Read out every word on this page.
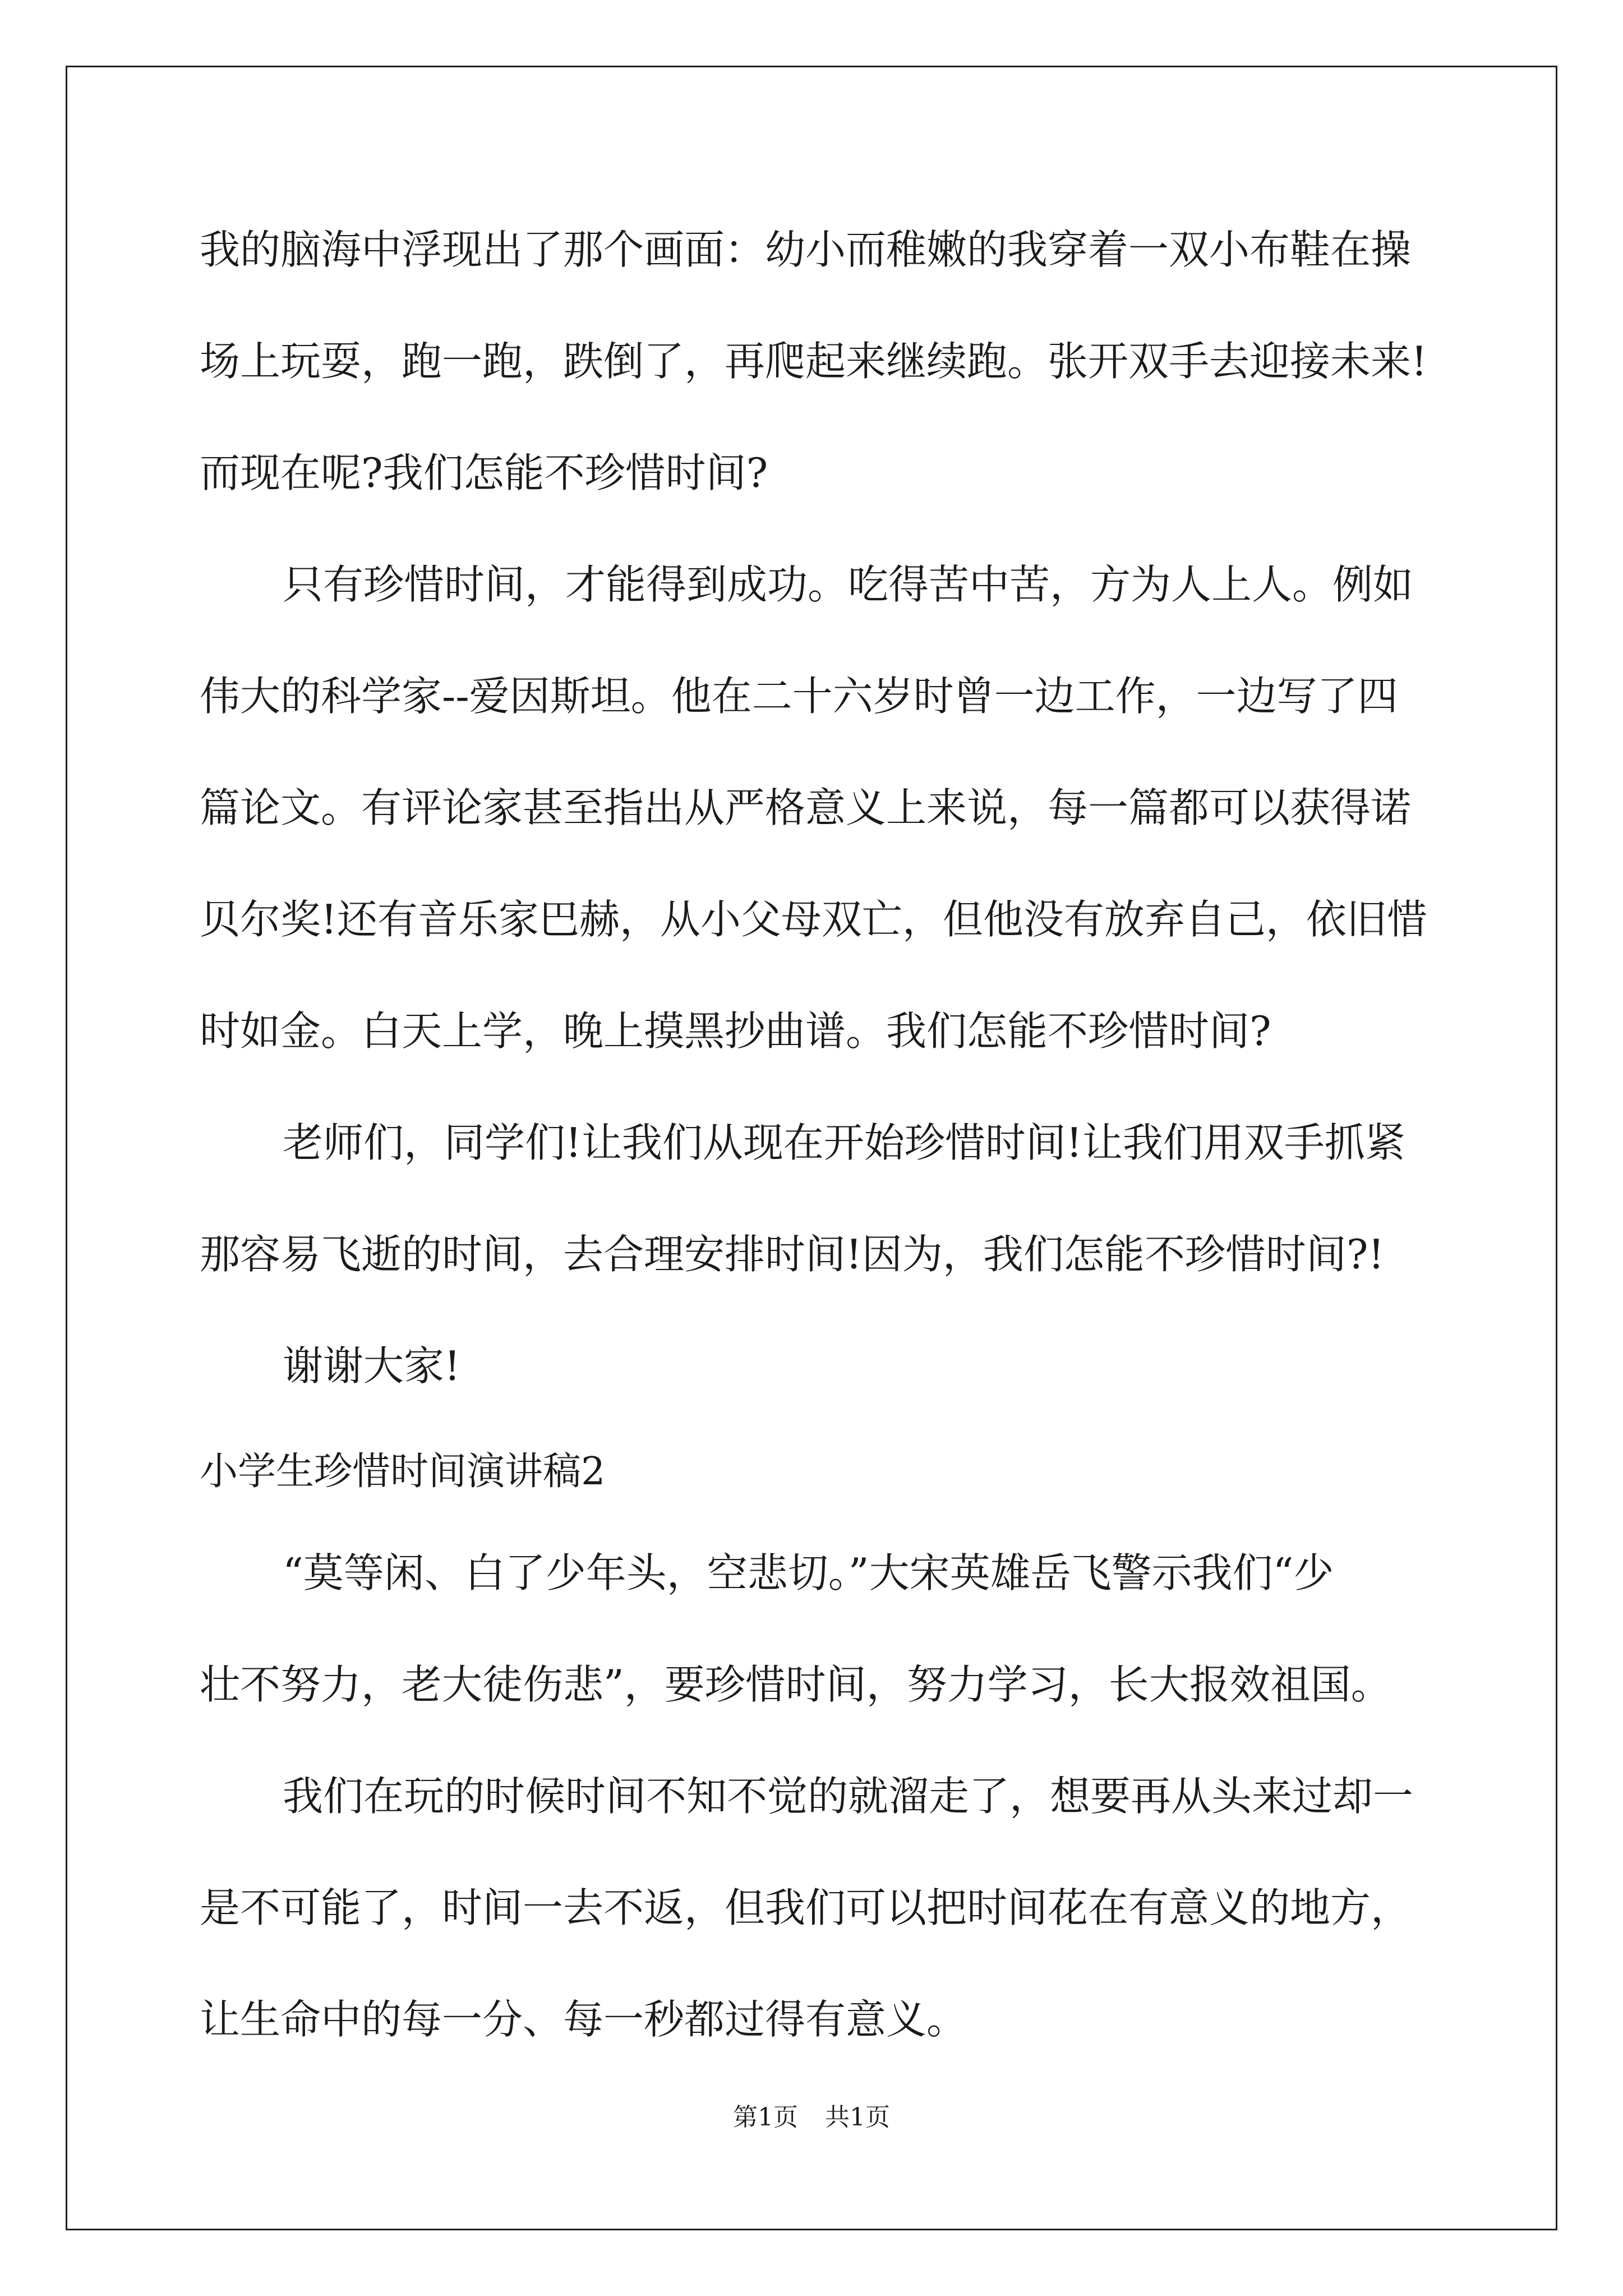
我的脑海中浮现出了那个画面：幼小而稚嫩的我穿着一双小布鞋在操
场上玩耍，跑一跑，跌倒了，再爬起来继续跑。张开双手去迎接未来!
而现在呢?我们怎能不珍惜时间?
只有珍惜时间，才能得到成功。吃得苦中苦，方为人上人。例如
伟大的科学家--爱因斯坦。他在二十六岁时曾一边工作，一边写了四
篇论文。有评论家甚至指出从严格意义上来说，每一篇都可以获得诺
贝尔奖!还有音乐家巴赫，从小父母双亡，但他没有放弃自己，依旧惜
时如金。白天上学，晚上摸黑抄曲谱。我们怎能不珍惜时间?
老师们，同学们!让我们从现在开始珍惜时间!让我们用双手抓紧
那容易飞逝的时间，去合理安排时间!因为，我们怎能不珍惜时间?!
谢谢大家!
小学生珍惜时间演讲稿2
“莫等闲、白了少年头，空悲切。”大宋英雄岳飞警示我们“少
壮不努力，老大徒伤悲”，要珍惜时间，努力学习，长大报效祖国。
我们在玩的时候时间不知不觉的就溜走了，想要再从头来过却一
是不可能了，时间一去不返，但我们可以把时间花在有意义的地方，
让生命中的每一分、每一秒都过得有意义。
第1页 共1页
